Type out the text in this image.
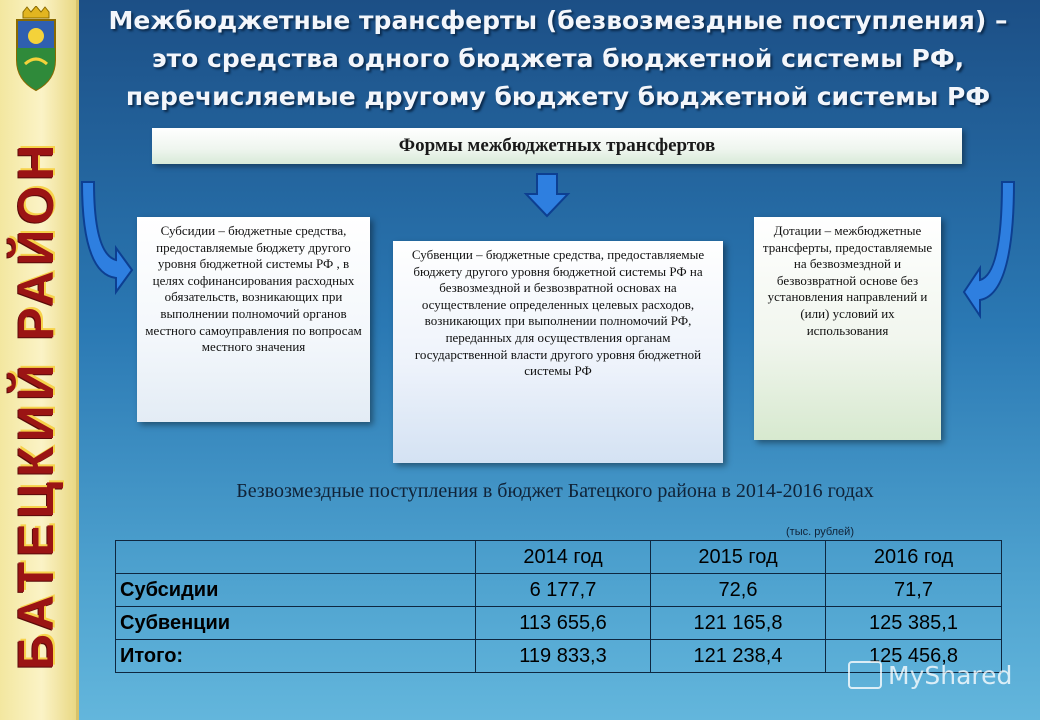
БАТЕЦКИЙ РАЙОН
Межбюджетные трансферты (безвозмездные поступления) –
это средства одного бюджета бюджетной системы РФ,
перечисляемые другому бюджету бюджетной системы РФ
Формы межбюджетных трансфертов
Субсидии – бюджетные средства, предоставляемые бюджету другого уровня бюджетной системы РФ , в целях софинансирования расходных обязательств, возникающих при выполнении полномочий органов местного самоуправления по вопросам местного значения
Субвенции – бюджетные средства, предоставляемые бюджету другого уровня бюджетной системы РФ на безвозмездной и безвозвратной основах на осуществление определенных целевых расходов, возникающих при выполнении полномочий РФ, переданных для осуществления органам государственной власти другого уровня бюджетной системы РФ
Дотации – межбюджетные трансферты, предоставляемые на безвозмездной и безвозвратной основе без установления направлений и (или) условий их использования
Безвозмездные поступления в бюджет Батецкого района в 2014-2016 годах
(тыс. рублей)
	2014 год	2015 год	2016 год
Субсидии	6 177,7	72,6	71,7
Субвенции	113 655,6	121 165,8	125 385,1
Итого:	119 833,3	121 238,4	125 456,8
MyShared
